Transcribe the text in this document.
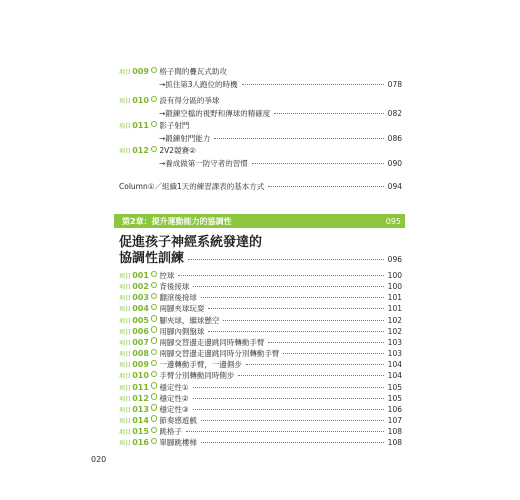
項目 009 格子間的疊瓦式助攻
→抓住第3人跑位的時機	078
項目 010 設有得分區的爭球
→鍛鍊空檔的視野和傳球的精確度	082
項目 011 影子射門
→鍛鍊射門能力	086
項目 012 2V2競賽②
→養成做第一防守者的習慣	090
Column①／組織1天的練習課表的基本方式	094
第2章：提升運動能力的協調性	095
促進孩子神經系統發達的
協調性訓練	096
項目 001 控球	100
項目 002 背後接球	100
項目 003 翻滾後接球	101
項目 004 兩腳夾球玩耍	101
項目 005 腳夾球，繼球懸空	102
項目 006 用腳內側盤球	102
項目 007 兩腳交替邊走邊跳同時轉動手臂	103
項目 008 兩腳交替邊走邊跳同時分別轉動手臂	103
項目 009 一邊轉動手臂，一邊側步	104
項目 010 手臂分別轉動同時側步	104
項目 011 穩定性①	105
項目 012 穩定性②	105
項目 013 穩定性③	106
項目 014 節奏感遊戲	107
項目 015 跳格子	108
項目 016 單腳跳樓梯	108
020
